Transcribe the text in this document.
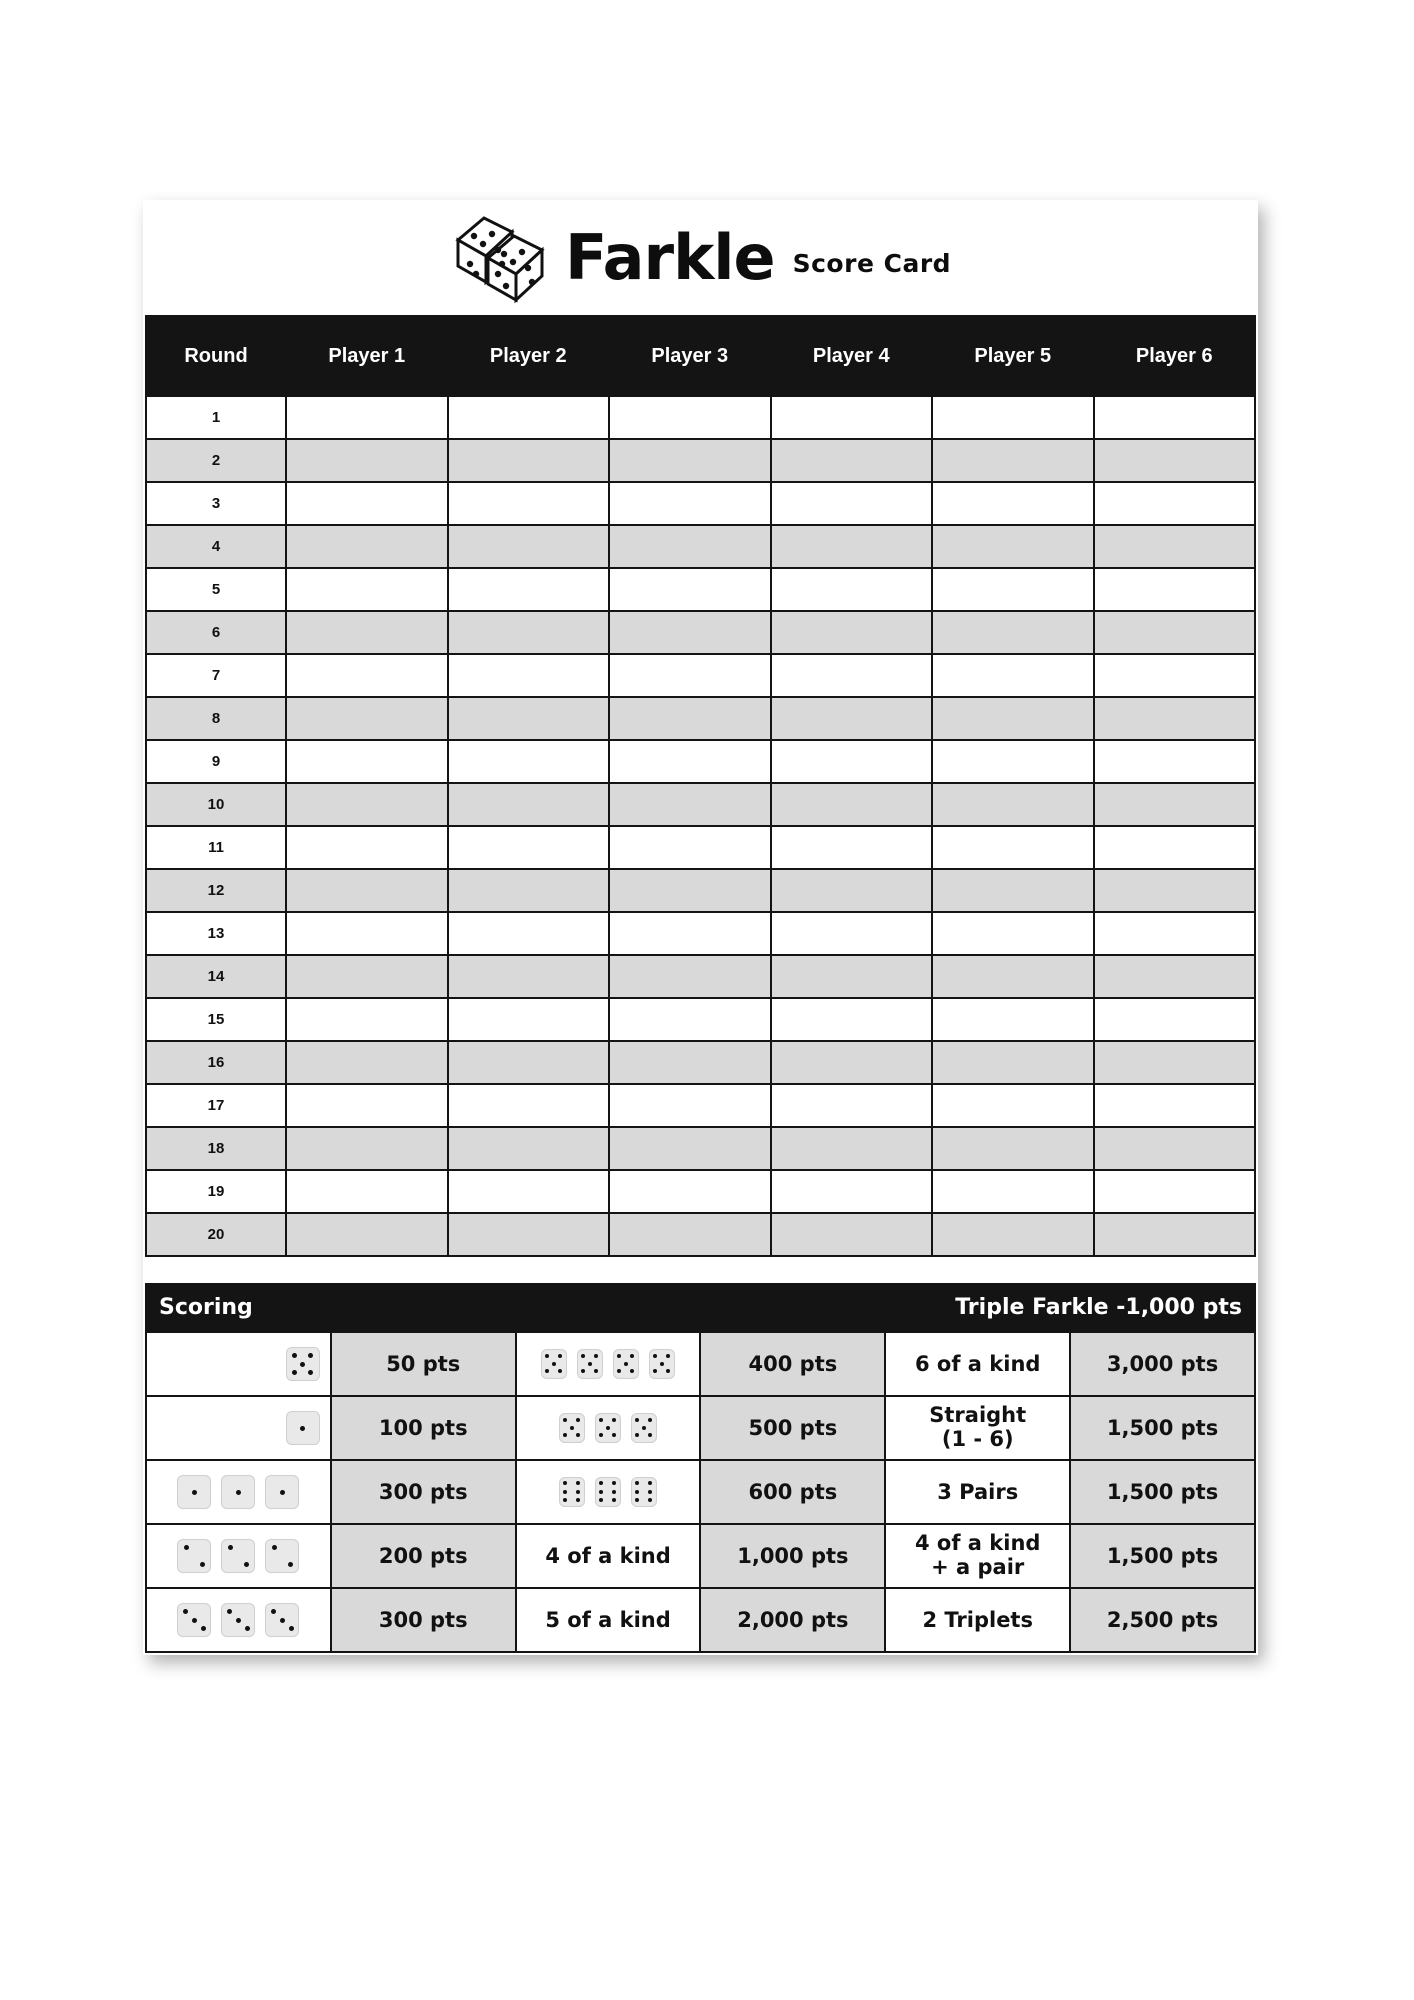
Farkle Score Card
Round	Player 1	Player 2	Player 3	Player 4	Player 5	Player 6
1						
2						
3						
4						
5						
6						
7						
8						
9						
10						
11						
12						
13						
14						
15						
16						
17						
18						
19						
20						
Scoring	Triple Farkle -1,000 pts
	50 pts		400 pts	6 of a kind	3,000 pts

	100 pts		500 pts	Straight
(1 - 6)	1,500 pts

	300 pts		600 pts	3 Pairs	1,500 pts

	200 pts	4 of a kind	1,000 pts	4 of a kind
+ a pair	1,500 pts

	300 pts	5 of a kind	2,000 pts	2 Triplets	2,500 pts
